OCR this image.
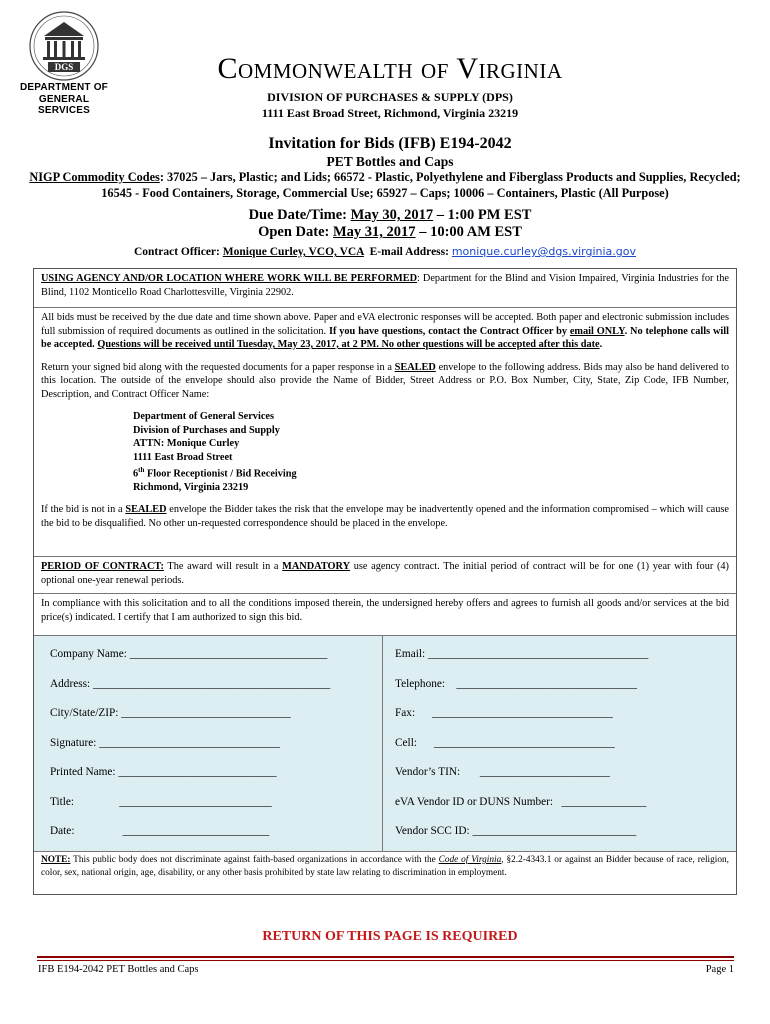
DGS
DEPARTMENT OF
GENERAL SERVICES
Commonwealth of Virginia
DIVISION OF PURCHASES & SUPPLY (DPS)
1111 East Broad Street, Richmond, Virginia 23219
Invitation for Bids (IFB) E194-2042
PET Bottles and Caps
NIGP Commodity Codes: 37025 – Jars, Plastic; and Lids; 66572 - Plastic, Polyethylene and Fiberglass Products and Supplies, Recycled;
16545 - Food Containers, Storage, Commercial Use; 65927 – Caps; 10006 – Containers, Plastic (All Purpose)
Due Date/Time: May 30, 2017 – 1:00 PM EST
Open Date: May 31, 2017 – 10:00 AM EST
Contract Officer: Monique Curley, VCO, VCA  E-mail Address: monique.curley@dgs.virginia.gov

USING AGENCY AND/OR LOCATION WHERE WORK WILL BE PERFORMED: Department for the Blind and Vision Impaired, Virginia Industries for the Blind, 1102 Monticello Road Charlottesville, Virginia 22902.

All bids must be received by the due date and time shown above. Paper and eVA electronic responses will be accepted. Both paper and electronic submission includes full submission of required documents as outlined in the solicitation. If you have questions, contact the Contract Officer by email ONLY. No telephone calls will be accepted. Questions will be received until Tuesday, May 23, 2017, at 2 PM. No other questions will be accepted after this date.

Return your signed bid along with the requested documents for a paper response in a SEALED envelope to the following address. Bids may also be hand delivered to this location. The outside of the envelope should also provide the Name of Bidder, Street Address or P.O. Box Number, City, State, Zip Code, IFB Number, Description, and Contract Officer Name:

Department of General Services
Division of Purchases and Supply
ATTN: Monique Curley
1111 East Broad Street
6th Floor Receptionist / Bid Receiving
Richmond, Virginia 23219

If the bid is not in a SEALED envelope the Bidder takes the risk that the envelope may be inadvertently opened and the information compromised – which will cause the bid to be disqualified. No other un-requested correspondence should be placed in the envelope.

PERIOD OF CONTRACT: The award will result in a MANDATORY use agency contract. The initial period of contract will be for one (1) year with four (4) optional one-year renewal periods.

In compliance with this solicitation and to all the conditions imposed therein, the undersigned hereby offers and agrees to furnish all goods and/or services at the bid price(s) indicated. I certify that I am authorized to sign this bid.

Company Name: ___________________________________
Address: __________________________________________
City/State/ZIP: ______________________________
Signature: ________________________________
Printed Name: ____________________________
Title:                ___________________________
Date:                 __________________________
Email: _______________________________________
Telephone:    ________________________________
Fax:      ________________________________
Cell:      ________________________________
Vendor’s TIN:       _______________________
eVA Vendor ID or DUNS Number:   _______________
Vendor SCC ID: _____________________________

NOTE: This public body does not discriminate against faith-based organizations in accordance with the Code of Virginia, §2.2-4343.1 or against an Bidder because of race, religion, color, sex, national origin, age, disability, or any other basis prohibited by state law relating to discrimination in employment.

RETURN OF THIS PAGE IS REQUIRED
IFB E194-2042 PET Bottles and Caps	Page 1
